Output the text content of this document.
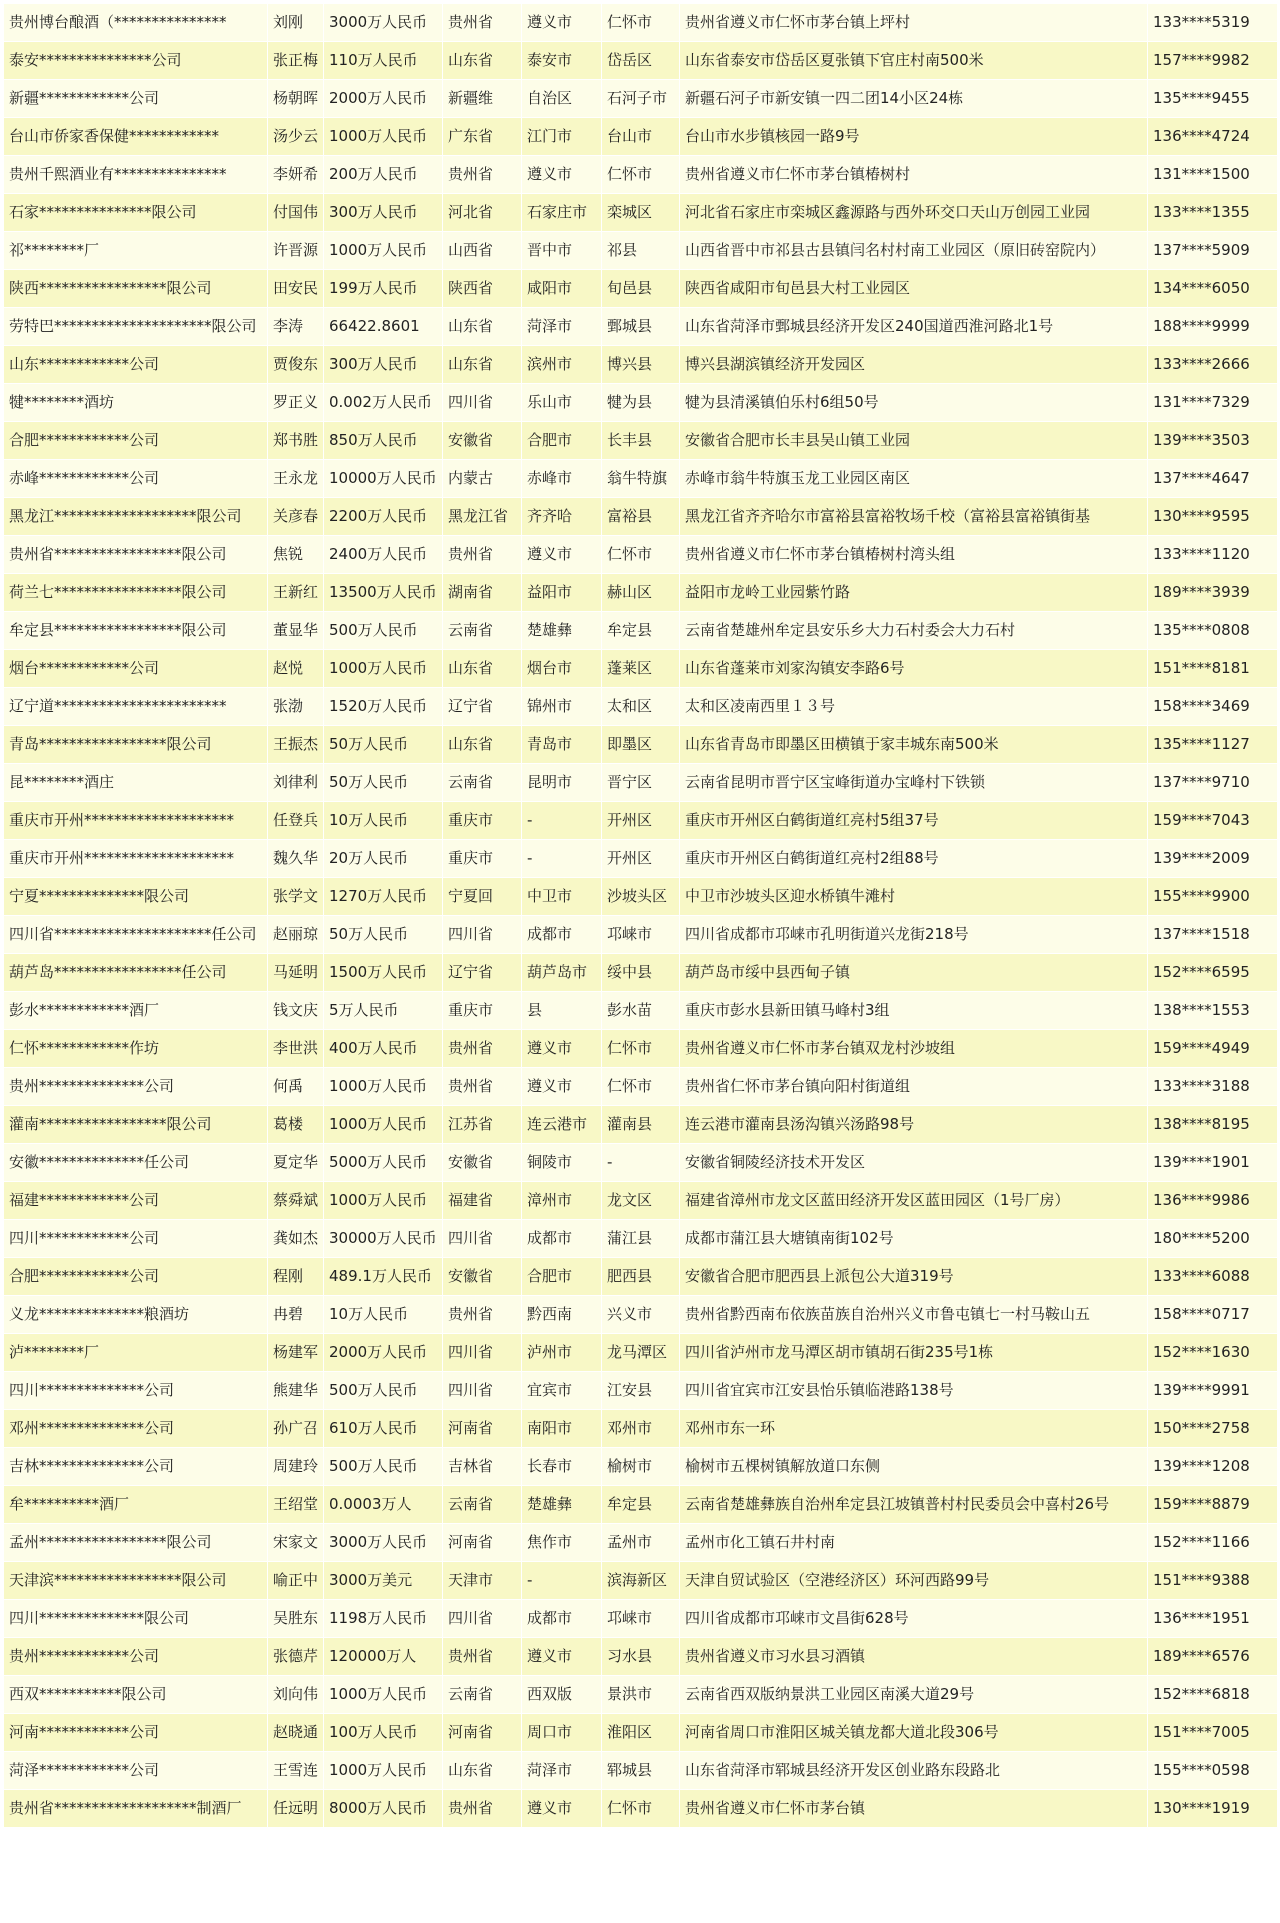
贵州博台酿酒（***************	刘刚	3000万人民币	贵州省	遵义市	仁怀市	贵州省遵义市仁怀市茅台镇上坪村	133****5319
泰安***************公司	张正梅	110万人民币	山东省	泰安市	岱岳区	山东省泰安市岱岳区夏张镇下官庄村南500米	157****9982
新疆************公司	杨朝晖	2000万人民币	新疆维	自治区	石河子市	新疆石河子市新安镇一四二团14小区24栋	135****9455
台山市侨家香保健************	汤少云	1000万人民币	广东省	江门市	台山市	台山市水步镇核园一路9号	136****4724
贵州千熙酒业有***************	李妍希	200万人民币	贵州省	遵义市	仁怀市	贵州省遵义市仁怀市茅台镇椿树村	131****1500
石家***************限公司	付国伟	300万人民币	河北省	石家庄市	栾城区	河北省石家庄市栾城区鑫源路与西外环交口天山万创园工业园	133****1355
祁********厂	许晋源	1000万人民币	山西省	晋中市	祁县	山西省晋中市祁县古县镇闫名村村南工业园区（原旧砖窑院内）	137****5909
陕西*****************限公司	田安民	199万人民币	陕西省	咸阳市	旬邑县	陕西省咸阳市旬邑县大村工业园区	134****6050
劳特巴*********************限公司	李涛	66422.8601	山东省	菏泽市	鄄城县	山东省菏泽市鄄城县经济开发区240国道西淮河路北1号	188****9999
山东************公司	贾俊东	300万人民币	山东省	滨州市	博兴县	博兴县湖滨镇经济开发园区	133****2666
犍********酒坊	罗正义	0.002万人民币	四川省	乐山市	犍为县	犍为县清溪镇伯乐村6组50号	131****7329
合肥************公司	郑书胜	850万人民币	安徽省	合肥市	长丰县	安徽省合肥市长丰县吴山镇工业园	139****3503
赤峰************公司	王永龙	10000万人民币	内蒙古	赤峰市	翁牛特旗	赤峰市翁牛特旗玉龙工业园区南区	137****4647
黑龙江*******************限公司	关彦春	2200万人民币	黑龙江省	齐齐哈	富裕县	黑龙江省齐齐哈尔市富裕县富裕牧场千校（富裕县富裕镇街基	130****9595
贵州省*****************限公司	焦锐	2400万人民币	贵州省	遵义市	仁怀市	贵州省遵义市仁怀市茅台镇椿树村湾头组	133****1120
荷兰七*****************限公司	王新红	13500万人民币	湖南省	益阳市	赫山区	益阳市龙岭工业园紫竹路	189****3939
牟定县*****************限公司	董显华	500万人民币	云南省	楚雄彝	牟定县	云南省楚雄州牟定县安乐乡大力石村委会大力石村	135****0808
烟台************公司	赵悦	1000万人民币	山东省	烟台市	蓬莱区	山东省蓬莱市刘家沟镇安李路6号	151****8181
辽宁道***********************	张渤	1520万人民币	辽宁省	锦州市	太和区	太和区凌南西里１３号	158****3469
青岛*****************限公司	王振杰	50万人民币	山东省	青岛市	即墨区	山东省青岛市即墨区田横镇于家丰城东南500米	135****1127
昆********酒庄	刘律利	50万人民币	云南省	昆明市	晋宁区	云南省昆明市晋宁区宝峰街道办宝峰村下铁锁	137****9710
重庆市开州********************	任登兵	10万人民币	重庆市	-	开州区	重庆市开州区白鹤街道红亮村5组37号	159****7043
重庆市开州********************	魏久华	20万人民币	重庆市	-	开州区	重庆市开州区白鹤街道红亮村2组88号	139****2009
宁夏**************限公司	张学文	1270万人民币	宁夏回	中卫市	沙坡头区	中卫市沙坡头区迎水桥镇牛滩村	155****9900
四川省*********************任公司	赵丽琼	50万人民币	四川省	成都市	邛崃市	四川省成都市邛崃市孔明街道兴龙街218号	137****1518
葫芦岛*****************任公司	马延明	1500万人民币	辽宁省	葫芦岛市	绥中县	葫芦岛市绥中县西甸子镇	152****6595
彭水************酒厂	钱文庆	5万人民币	重庆市	县	彭水苗	重庆市彭水县新田镇马峰村3组	138****1553
仁怀************作坊	李世洪	400万人民币	贵州省	遵义市	仁怀市	贵州省遵义市仁怀市茅台镇双龙村沙坡组	159****4949
贵州**************公司	何禹	1000万人民币	贵州省	遵义市	仁怀市	贵州省仁怀市茅台镇向阳村街道组	133****3188
灌南*****************限公司	葛楼	1000万人民币	江苏省	连云港市	灌南县	连云港市灌南县汤沟镇兴汤路98号	138****8195
安徽**************任公司	夏定华	5000万人民币	安徽省	铜陵市	-	安徽省铜陵经济技术开发区	139****1901
福建************公司	蔡舜斌	1000万人民币	福建省	漳州市	龙文区	福建省漳州市龙文区蓝田经济开发区蓝田园区（1号厂房）	136****9986
四川************公司	龚如杰	30000万人民币	四川省	成都市	蒲江县	成都市蒲江县大塘镇南街102号	180****5200
合肥************公司	程刚	489.1万人民币	安徽省	合肥市	肥西县	安徽省合肥市肥西县上派包公大道319号	133****6088
义龙**************粮酒坊	冉碧	10万人民币	贵州省	黔西南	兴义市	贵州省黔西南布依族苗族自治州兴义市鲁屯镇七一村马鞍山五	158****0717
泸********厂	杨建军	2000万人民币	四川省	泸州市	龙马潭区	四川省泸州市龙马潭区胡市镇胡石街235号1栋	152****1630
四川**************公司	熊建华	500万人民币	四川省	宜宾市	江安县	四川省宜宾市江安县怡乐镇临港路138号	139****9991
邓州**************公司	孙广召	610万人民币	河南省	南阳市	邓州市	邓州市东一环	150****2758
吉林**************公司	周建玲	500万人民币	吉林省	长春市	榆树市	榆树市五棵树镇解放道口东侧	139****1208
牟**********酒厂	王绍堂	0.0003万人	云南省	楚雄彝	牟定县	云南省楚雄彝族自治州牟定县江坡镇普村村民委员会中喜村26号	159****8879
孟州*****************限公司	宋家文	3000万人民币	河南省	焦作市	孟州市	孟州市化工镇石井村南	152****1166
天津滨*****************限公司	喻正中	3000万美元	天津市	-	滨海新区	天津自贸试验区（空港经济区）环河西路99号	151****9388
四川**************限公司	吴胜东	1198万人民币	四川省	成都市	邛崃市	四川省成都市邛崃市文昌街628号	136****1951
贵州************公司	张德芹	120000万人	贵州省	遵义市	习水县	贵州省遵义市习水县习酒镇	189****6576
西双***********限公司	刘向伟	1000万人民币	云南省	西双版	景洪市	云南省西双版纳景洪工业园区南溪大道29号	152****6818
河南************公司	赵晓通	100万人民币	河南省	周口市	淮阳区	河南省周口市淮阳区城关镇龙都大道北段306号	151****7005
菏泽************公司	王雪连	1000万人民币	山东省	菏泽市	郓城县	山东省菏泽市郓城县经济开发区创业路东段路北	155****0598
贵州省*******************制酒厂	任远明	8000万人民币	贵州省	遵义市	仁怀市	贵州省遵义市仁怀市茅台镇	130****1919
